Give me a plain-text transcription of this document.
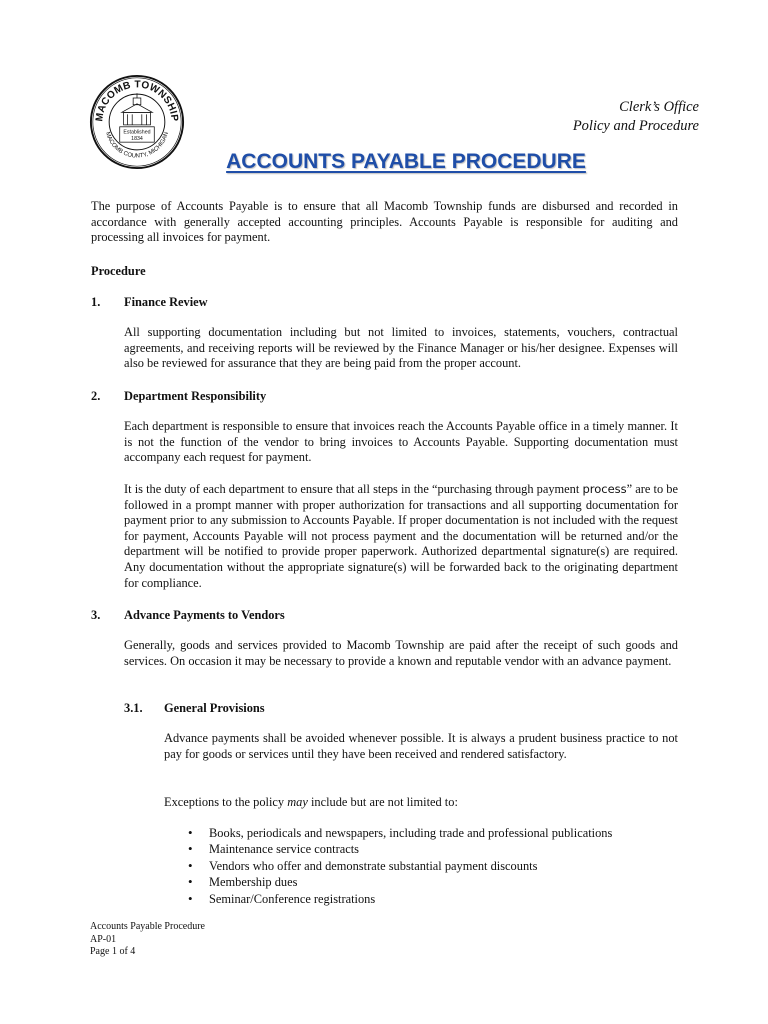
MACOMB TOWNSHIP
MACOMB COUNTY, MICHIGAN
Established
1834
Clerk’s Office
Policy and Procedure
ACCOUNTS PAYABLE PROCEDURE
The purpose of Accounts Payable is to ensure that all Macomb Township funds are disbursed and recorded in accordance with generally accepted accounting principles. Accounts Payable is responsible for auditing and processing all invoices for payment.
Procedure
1. Finance Review
All supporting documentation including but not limited to invoices, statements, vouchers, contractual agreements, and receiving reports will be reviewed by the Finance Manager or his/her designee. Expenses will also be reviewed for assurance that they are being paid from the proper account.
2. Department Responsibility
Each department is responsible to ensure that invoices reach the Accounts Payable office in a timely manner. It is not the function of the vendor to bring invoices to Accounts Payable. Supporting documentation must accompany each request for payment.
It is the duty of each department to ensure that all steps in the “purchasing through payment process” are to be followed in a prompt manner with proper authorization for transactions and all supporting documentation for payment prior to any submission to Accounts Payable. If proper documentation is not included with the request for payment, Accounts Payable will not process payment and the documentation will be returned and/or the department will be notified to provide proper paperwork. Authorized departmental signature(s) are required. Any documentation without the appropriate signature(s) will be forwarded back to the originating department for compliance.
3. Advance Payments to Vendors
Generally, goods and services provided to Macomb Township are paid after the receipt of such goods and services. On occasion it may be necessary to provide a known and reputable vendor with an advance payment.
3.1. General Provisions
Advance payments shall be avoided whenever possible. It is always a prudent business practice to not pay for goods or services until they have been received and rendered satisfactory.
Exceptions to the policy may include but are not limited to:
• Books, periodicals and newspapers, including trade and professional publications
• Maintenance service contracts
• Vendors who offer and demonstrate substantial payment discounts
• Membership dues
• Seminar/Conference registrations
Accounts Payable Procedure
AP-01
Page 1 of 4
